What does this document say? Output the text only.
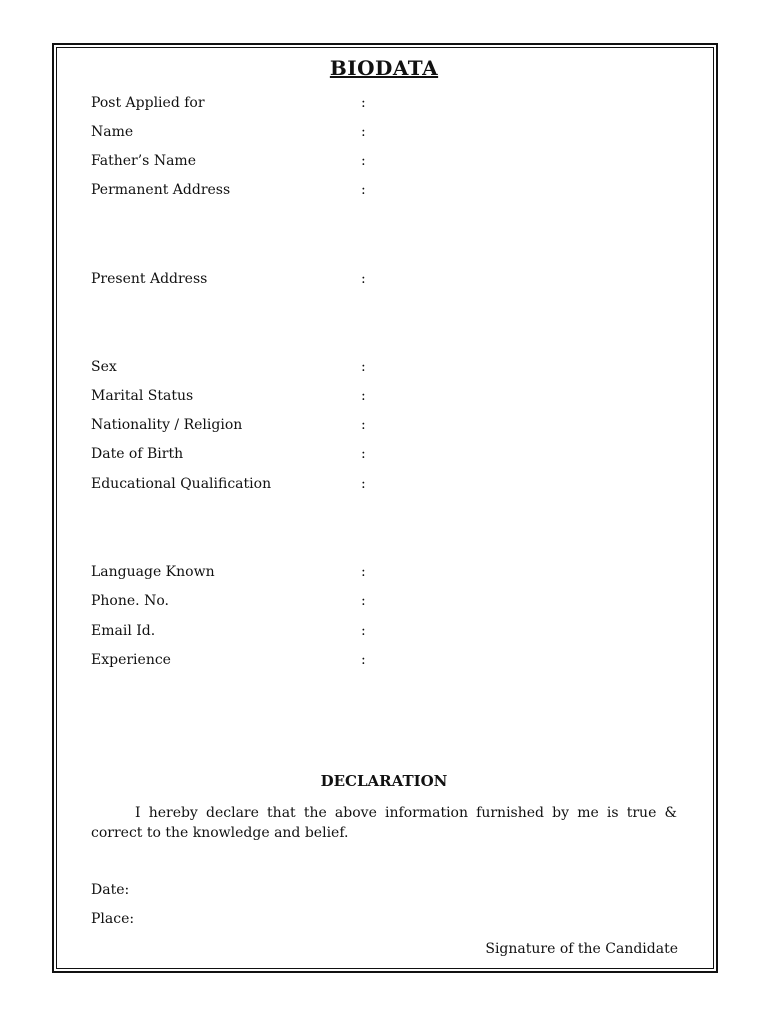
BIODATA
Post Applied for	:
Name	:
Father’s Name	:
Permanent Address	:
Present Address	:
Sex	:
Marital Status	:
Nationality / Religion	:
Date of Birth	:
Educational Qualification	:
Language Known	:
Phone. No.	:
Email Id.	:
Experience	:
DECLARATION
I hereby declare that the above information furnished by me is true & correct to the knowledge and belief.
Date:
Place:
Signature of the Candidate
